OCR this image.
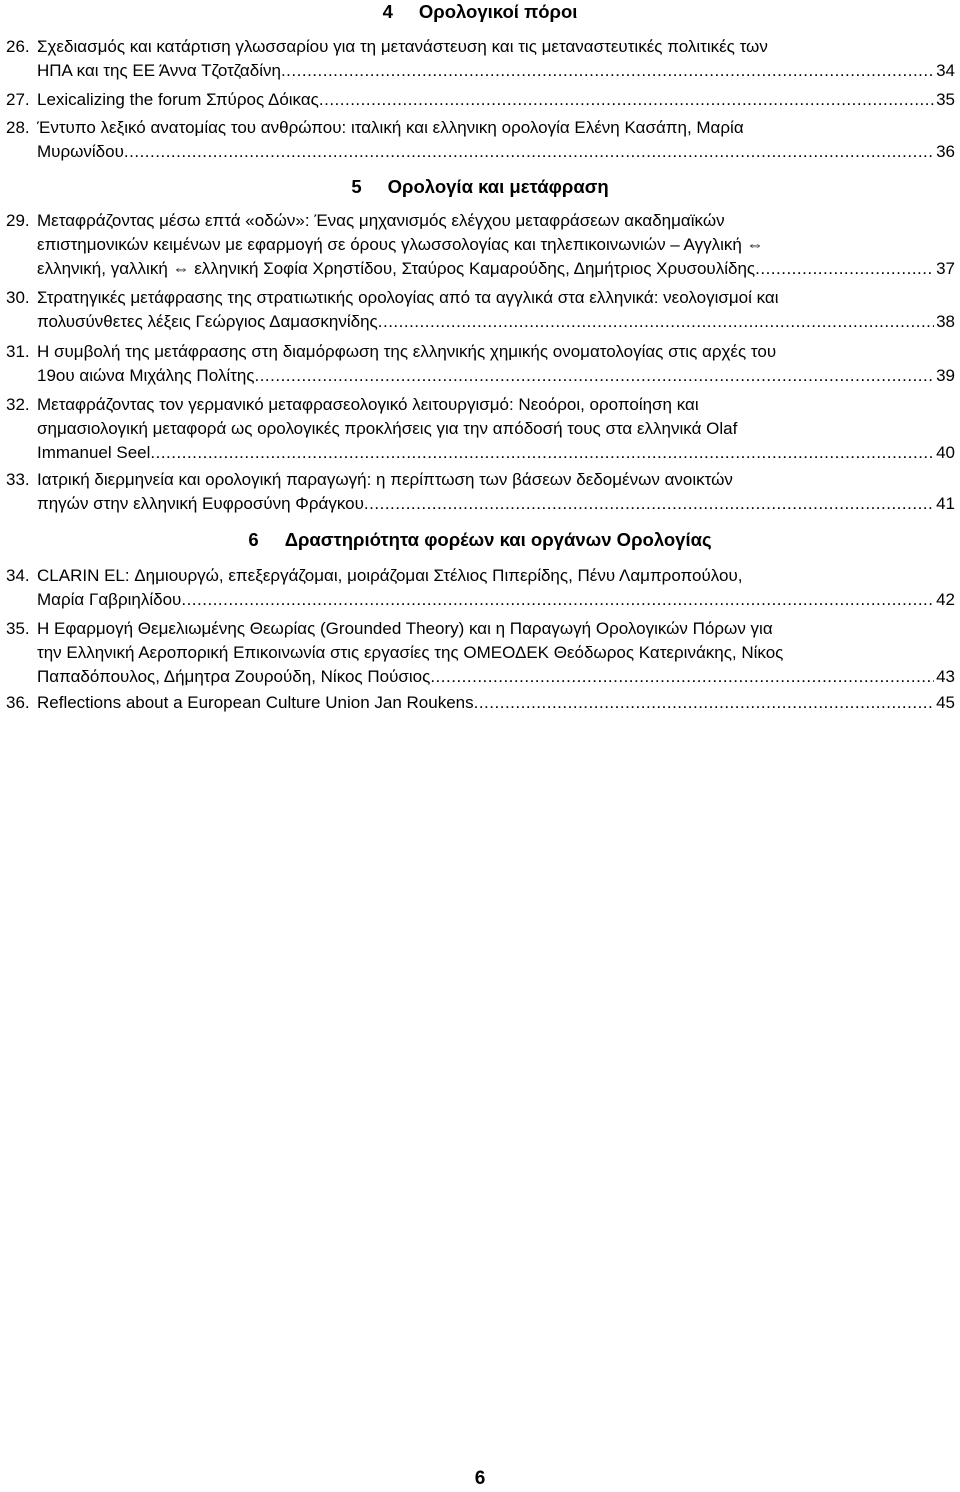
4 Ορολογικοί πόροι
5 Ορολογία και μετάφραση
6 Δραστηριότητα φορέων και οργάνων Ορολογίας
26. Σχεδιασμός και κατάρτιση γλωσσαρίου για τη μετανάστευση και τις μεταναστευτικές πολιτικές των
ΗΠΑ και της ΕΕ Άννα Τζοτζαδίνη .....	34
27. Lexicalizing the forum Σπύρος Δόικας .....	35
28. Έντυπο λεξικό ανατομίας του ανθρώπου: ιταλική και ελληνικη ορολογία Ελένη Κασάπη, Μαρία
Μυρωνίδου .....	36
29. Μεταφράζοντας μέσω επτά «οδών»: Ένας μηχανισμός ελέγχου μεταφράσεων ακαδημαϊκών
επιστημονικών κειμένων με εφαρμογή σε όρους γλωσσολογίας και τηλεπικοινωνιών – Αγγλική ⇔
ελληνική, γαλλική ⇔ ελληνική Σοφία Χρηστίδου, Σταύρος Καμαρούδης, Δημήτριος Χρυσουλίδης .....	37
30. Στρατηγικές μετάφρασης της στρατιωτικής ορολογίας από τα αγγλικά στα ελληνικά: νεολογισμοί και
πολυσύνθετες λέξεις Γεώργιος Δαμασκηνίδης .....	38
31. Η συμβολή της μετάφρασης στη διαμόρφωση της ελληνικής χημικής ονοματολογίας στις αρχές του
19ου αιώνα Μιχάλης Πολίτης .....	39
32. Μεταφράζοντας τον γερμανικό μεταφρασεολογικό λειτουργισμό: Νεοόροι, οροποίηση και
σημασιολογική μεταφορά ως ορολογικές προκλήσεις για την απόδοσή τους στα ελληνικά Olaf
Immanuel Seel .....	40
33. Ιατρική διερμηνεία και ορολογική παραγωγή: η περίπτωση των βάσεων δεδομένων ανοικτών
πηγών στην ελληνική Ευφροσύνη Φράγκου .....	41
34. CLARIN EL: Δημιουργώ, επεξεργάζομαι, μοιράζομαι Στέλιος Πιπερίδης, Πένυ Λαμπροπούλου,
Μαρία Γαβριηλίδου .....	42
35. Η Εφαρμογή Θεμελιωμένης Θεωρίας (Grounded Theory) και η Παραγωγή Ορολογικών Πόρων για
την Ελληνική Αεροπορική Επικοινωνία στις εργασίες της ΟΜΕΟΔΕΚ Θεόδωρος Κατερινάκης, Νίκος
Παπαδόπουλος, Δήμητρα Ζουρούδη, Νίκος Πούσιος .....	43
36. Reflections about a European Culture Union Jan Roukens .....	45
6
